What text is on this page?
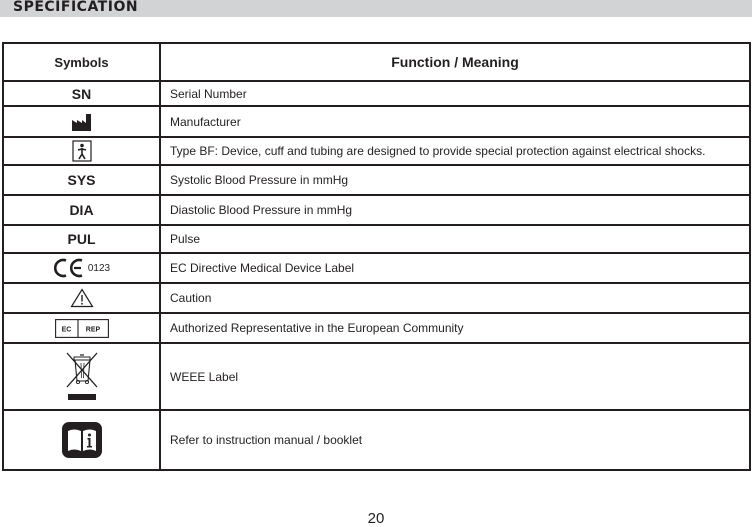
SPECIFICATION
Symbols	Function / Meaning
SN	Serial Number

	Manufacturer

	Type BF: Device, cuff and tubing are designed to provide special protection against electrical shocks.
SYS	Systolic Blood Pressure in mmHg
DIA	Diastolic Blood Pressure in mmHg
PUL	Pulse

0123	EC Directive Medical Device Label

	Caution

EC REP	Authorized Representative in the European Community

	WEEE Label

	Refer to instruction manual / booklet
20
